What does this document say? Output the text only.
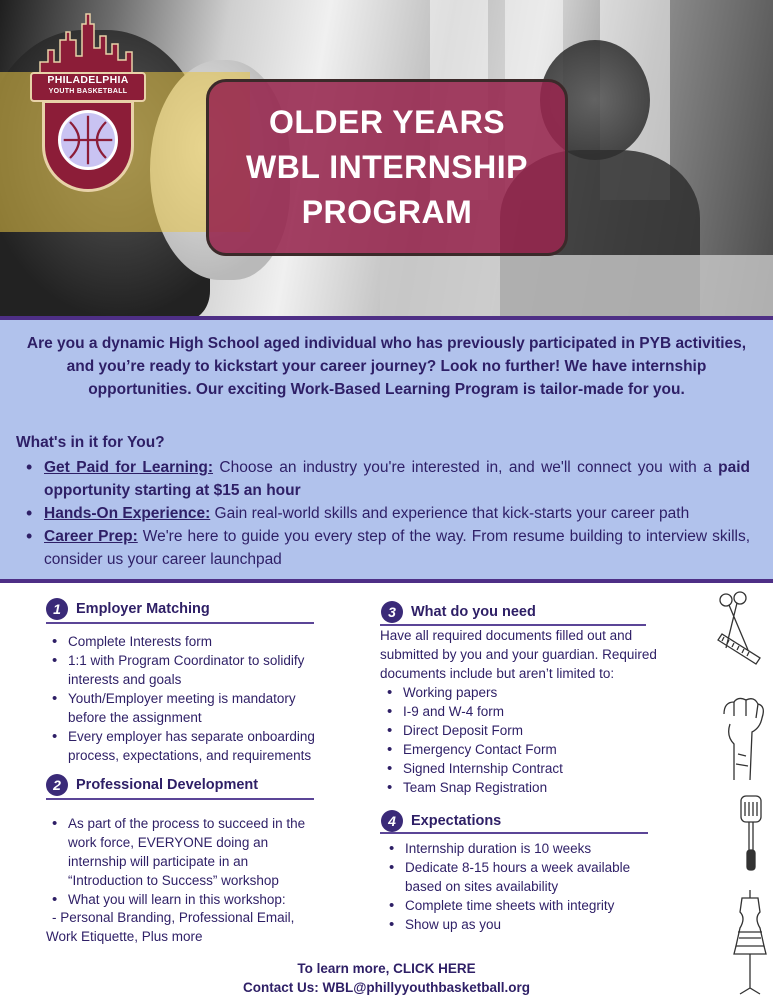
PHILADELPHIA
YOUTH BASKETBALL
OLDER YEARS
WBL INTERNSHIP
PROGRAM

Are you a dynamic High School aged individual who has previously participated in PYB activities, and you’re ready to kickstart your career journey? Look no further! We have internship opportunities. Our exciting Work-Based Learning Program is tailor-made for you.

What's in it for You?
• Get Paid for Learning: Choose an industry you're interested in, and we'll connect you with a paid opportunity starting at $15 an hour
• Hands-On Experience: Gain real-world skills and experience that kick-starts your career path
• Career Prep: We're here to guide you every step of the way. From resume building to interview skills, consider us your career launchpad
1	Employer Matching
• Complete Interests form
• 1:1 with Program Coordinator to solidify interests and goals
• Youth/Employer meeting is mandatory before the assignment
• Every employer has separate onboarding process, expectations, and requirements
2	Professional Development
• As part of the process to succeed in the work force, EVERYONE doing an internship will participate in an “Introduction to Success” workshop
• What you will learn in this workshop:
- Personal Branding, Professional Email,
Work Etiquette, Plus more
3	What do you need
Have all required documents filled out and submitted by you and your guardian. Required documents include but aren’t limited to:
• Working papers
• I-9 and W-4 form
• Direct Deposit Form
• Emergency Contact Form
• Signed Internship Contract
• Team Snap Registration
4	Expectations
• Internship duration is 10 weeks
• Dedicate 8-15 hours a week available based on sites availability
• Complete time sheets with integrity
• Show up as you
To learn more, CLICK HERE
Contact Us: WBL@phillyyouthbasketball.org
